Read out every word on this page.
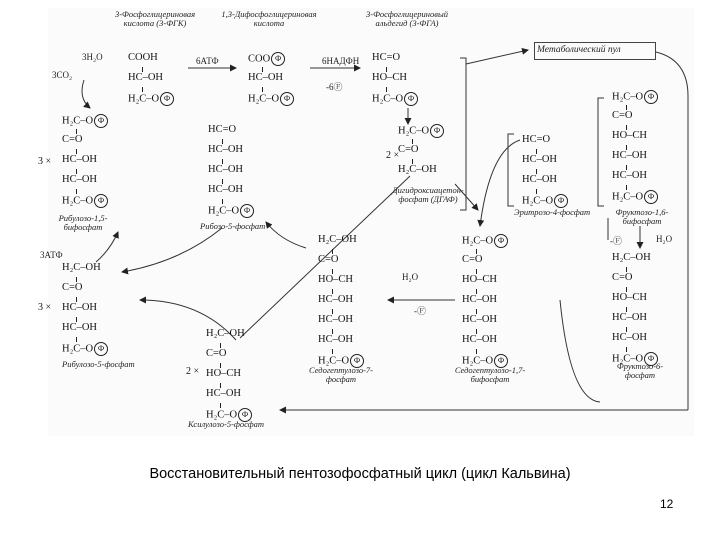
3-Фосфоглицериновая кислота (3-ФГК)
1,3-Дифосфоглицериновая кислота
3-Фосфоглицериновый альдегид (3-ФГА)
Метаболический пул
3H₂O
3CO₂
6АТФ	6НАДФН
-6Ⓕ
3АТФ
H₂O
-Ⓕ
H₂O
-Ⓕ
3 ×
3 ×
2 ×
2 ×
COOH
HC–OH
H₂C–O Ф
COO Ф
HC–OH
H₂C–O Ф
HC=O
HO–CH
H₂C–O Ф
H₂C–O Ф
C=O
HC–OH
HC–OH
H₂C–O Ф
HC=O
HC–OH
HC–OH
HC–OH
H₂C–O Ф
H₂C–O Ф
C=O
H₂C–OH
HC=O
HC–OH
HC–OH
H₂C–O Ф
H₂C–O Ф
C=O
HO–CH
HC–OH
HC–OH
H₂C–O Ф
H₂C–OH
C=O
HC–OH
HC–OH
H₂C–O Ф
H₂C–OH
C=O
HO–CH
HC–OH
HC–OH
HC–OH
H₂C–O Ф
H₂C–O Ф
C=O
HO–CH
HC–OH
HC–OH
HC–OH
H₂C–O Ф
H₂C–OH
C=O
HO–CH
HC–OH
HC–OH
H₂C–O Ф
H₂C–OH
C=O
HO–CH
HC–OH
H₂C–O Ф
Рибулозо-1,5-бифосфат	Рибозо-5-фосфат
Дигидроксиацетон-фосфат (ДГАФ)
Эритрозо-4-фосфат	Фруктозо-1,6-бифосфат
Рибулозо-5-фосфат
Седогептулозо-7-фосфат
Седогептулозо-1,7-бифосфат
Фруктозо-6-фосфат
Ксилулозо-5-фосфат
Восстановительный пентозофосфатный цикл (цикл Кальвина)
12
